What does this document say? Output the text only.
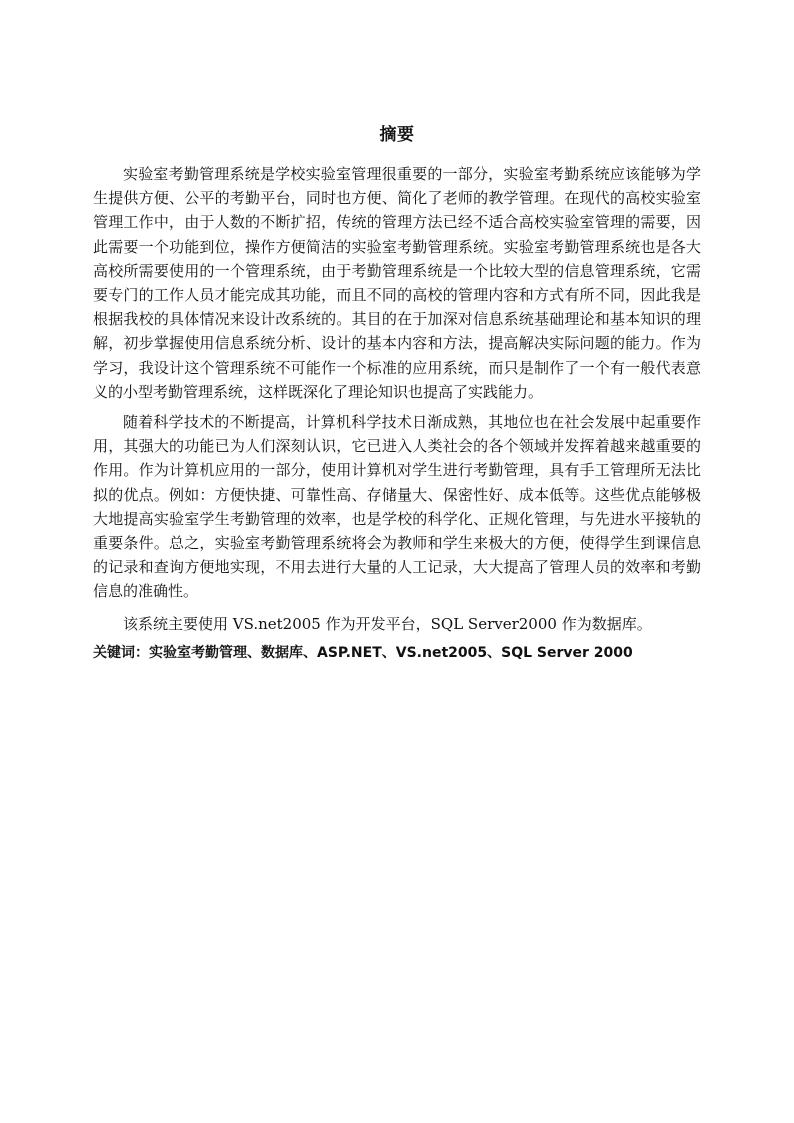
摘要

实验室考勤管理系统是学校实验室管理很重要的一部分，实验室考勤系统应该能够为学生提供方便、公平的考勤平台，同时也方便、简化了老师的教学管理。在现代的高校实验室管理工作中，由于人数的不断扩招，传统的管理方法已经不适合高校实验室管理的需要，因此需要一个功能到位，操作方便简洁的实验室考勤管理系统。实验室考勤管理系统也是各大高校所需要使用的一个管理系统，由于考勤管理系统是一个比较大型的信息管理系统，它需要专门的工作人员才能完成其功能，而且不同的高校的管理内容和方式有所不同，因此我是根据我校的具体情况来设计改系统的。其目的在于加深对信息系统基础理论和基本知识的理解，初步掌握使用信息系统分析、设计的基本内容和方法，提高解决实际问题的能力。作为学习，我设计这个管理系统不可能作一个标准的应用系统，而只是制作了一个有一般代表意义的小型考勤管理系统，这样既深化了理论知识也提高了实践能力。

随着科学技术的不断提高，计算机科学技术日渐成熟，其地位也在社会发展中起重要作用，其强大的功能已为人们深刻认识，它已进入人类社会的各个领域并发挥着越来越重要的作用。作为计算机应用的一部分，使用计算机对学生进行考勤管理，具有手工管理所无法比拟的优点。例如：方便快捷、可靠性高、存储量大、保密性好、成本低等。这些优点能够极大地提高实验室学生考勤管理的效率，也是学校的科学化、正规化管理，与先进水平接轨的重要条件。总之，实验室考勤管理系统将会为教师和学生来极大的方便，使得学生到课信息的记录和查询方便地实现，不用去进行大量的人工记录，大大提高了管理人员的效率和考勤信息的准确性。

该系统主要使用 VS.net2005 作为开发平台，SQL Server2000 作为数据库。

关键词：实验室考勤管理、数据库、ASP.NET、VS.net2005、SQL Server 2000
